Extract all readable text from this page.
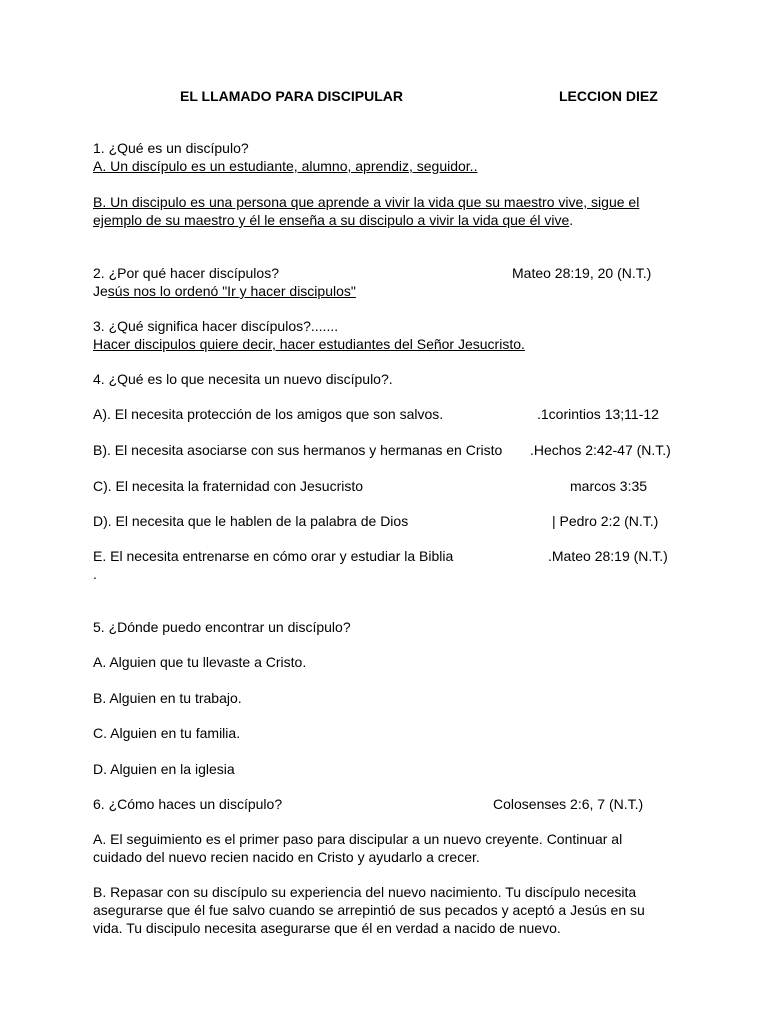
EL LLAMADO PARA DISCIPULAR	LECCION DIEZ
1. ¿Qué es un discípulo?
A. Un discípulo es un estudiante, alumno, aprendiz, seguidor..
B. Un discipulo es una persona que aprende a vivir la vida que su maestro vive, sigue el
ejemplo de su maestro y él le enseña a su discipulo a vivir la vida que él vive.
2. ¿Por qué hacer discípulos?	Mateo 28:19, 20 (N.T.)
Jesús nos lo ordenó "Ir y hacer discipulos"
3. ¿Qué significa hacer discípulos?.......
Hacer discipulos quiere decir, hacer estudiantes del Señor Jesucristo.
4. ¿Qué es lo que necesita un nuevo discípulo?.
A). El necesita protección de los amigos que son salvos.	.1corintios 13;11-12
B). El necesita asociarse con sus hermanos y hermanas en Cristo .Hechos 2:42-47 (N.T.)
C). El necesita la fraternidad con Jesucristo	marcos 3:35
D). El necesita que le hablen de la palabra de Dios	| Pedro 2:2 (N.T.)
E. El necesita entrenarse en cómo orar y estudiar la Biblia	.Mateo 28:19 (N.T.)
.
5. ¿Dónde puedo encontrar un discípulo?
A. Alguien que tu llevaste a Cristo.
B. Alguien en tu trabajo.
C. Alguien en tu familia.
D. Alguien en la iglesia
6. ¿Cómo haces un discípulo?	Colosenses 2:6, 7 (N.T.)
A. El seguimiento es el primer paso para discipular a un nuevo creyente. Continuar al
cuidado del nuevo recien nacido en Cristo y ayudarlo a crecer.
B. Repasar con su discípulo su experiencia del nuevo nacimiento. Tu discípulo necesita
asegurarse que él fue salvo cuando se arrepintió de sus pecados y aceptó a Jesús en su
vida. Tu discipulo necesita asegurarse que él en verdad a nacido de nuevo.
